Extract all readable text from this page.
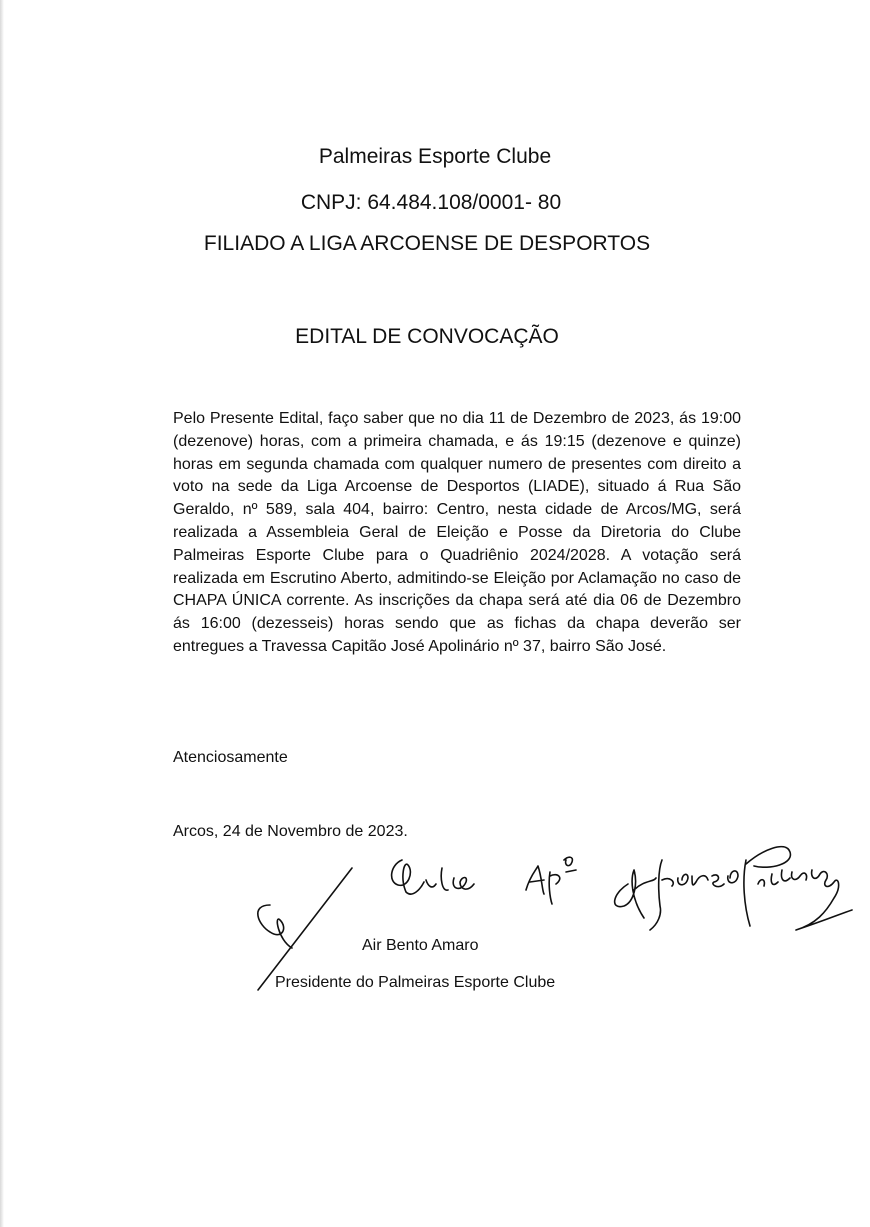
Palmeiras Esporte Clube
CNPJ: 64.484.108/0001- 80
FILIADO A LIGA ARCOENSE DE DESPORTOS
EDITAL DE CONVOCAÇÃO
Pelo Presente Edital, faço saber que no dia 11 de Dezembro de 2023, ás 19:00 (dezenove) horas, com a primeira chamada, e ás 19:15 (dezenove e quinze) horas em segunda chamada com qualquer numero de presentes com direito a voto na sede da Liga Arcoense de Desportos (LIADE), situado á Rua São Geraldo, nº 589, sala 404, bairro: Centro, nesta cidade de Arcos/MG, será realizada a Assembleia Geral de Eleição e Posse da Diretoria do Clube Palmeiras Esporte Clube para o Quadriênio 2024/2028. A votação será realizada em Escrutino Aberto, admitindo-se Eleição por Aclamação no caso de CHAPA ÚNICA corrente. As inscrições da chapa será até dia 06 de Dezembro ás 16:00 (dezesseis) horas sendo que as fichas da chapa deverão ser entregues a Travessa Capitão José Apolinário nº 37, bairro São José.
Atenciosamente
Arcos, 24 de Novembro de 2023.
Air Bento Amaro
Presidente do Palmeiras Esporte Clube
